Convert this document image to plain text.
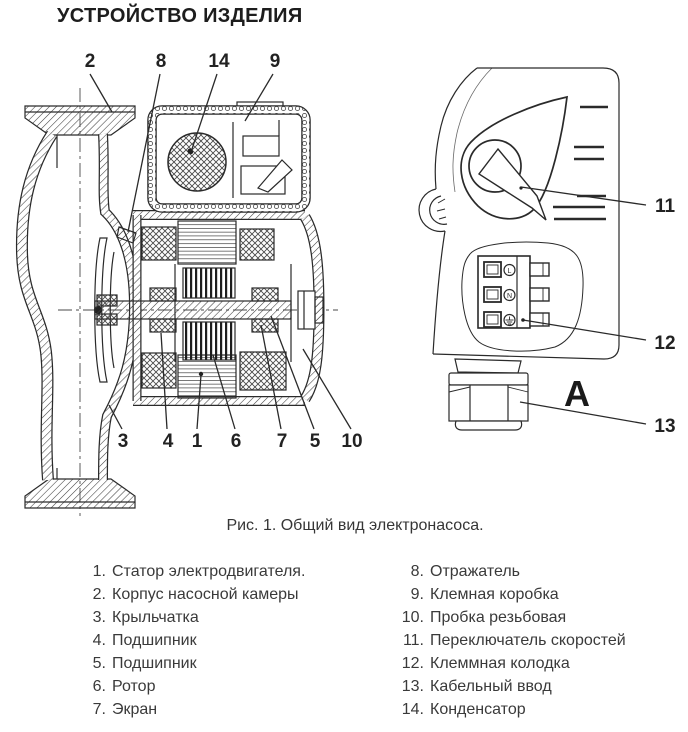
УСТРОЙСТВО ИЗДЕЛИЯ
L
N
2	8 14 9
3 4 1 6 7 5 10
11
12
13
A
Рис. 1. Общий вид электронасоса.
1. Статор электродвигателя.
2. Корпус насосной камеры
3. Крыльчатка
4. Подшипник
5. Подшипник
6. Ротор
7. Экран
8. Отражатель
9. Клемная коробка
10. Пробка резьбовая
11. Переключатель скоростей
12. Клеммная колодка
13. Кабельный ввод
14. Конденсатор
